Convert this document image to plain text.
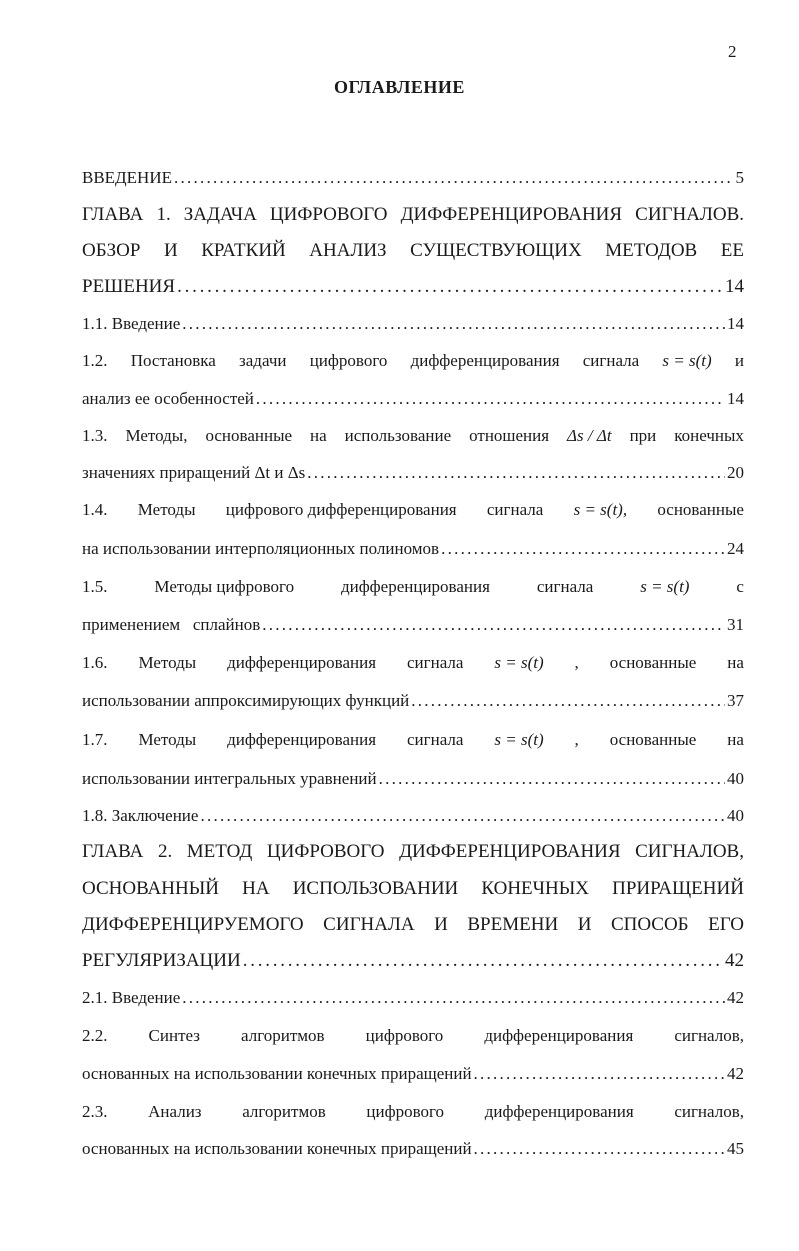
2
ОГЛАВЛЕНИЕ
ВВЕДЕНИЕ . . .	5
ГЛАВА 1. ЗАДАЧА ЦИФРОВОГО ДИФФЕРЕНЦИРОВАНИЯ СИГНАЛОВ.
ОБЗОР И КРАТКИЙ АНАЛИЗ СУЩЕСТВУЮЩИХ МЕТОДОВ ЕЕ
РЕШЕНИЯ . . .	14
1.1. Введение . . .	14
1.2. Постановка задачи цифрового дифференцирования сигнала s = s(t) и
анализ ее особенностей . . .	14
1.3. Методы, основанные на использование отношения Δs / Δt при конечных
значениях приращений Δt и Δs . . .	20
1.4. Методы цифрового дифференцирования сигнала s = s(t), основанные
на использовании интерполяционных полиномов . . .	24
1.5.	Методы цифрового	дифференцирования	сигнала	s = s(t)	с
применением   сплайнов . . .	31
1.6. Методы дифференцирования сигнала s = s(t) , основанные на
использовании аппроксимирующих функций . . .	37
1.7. Методы дифференцирования сигнала s = s(t) , основанные на
использовании интегральных уравнений . . .	40
1.8. Заключение . . .	40
ГЛАВА 2. МЕТОД ЦИФРОВОГО ДИФФЕРЕНЦИРОВАНИЯ СИГНАЛОВ,
ОСНОВАННЫЙ НА ИСПОЛЬЗОВАНИИ КОНЕЧНЫХ ПРИРАЩЕНИЙ
ДИФФЕРЕНЦИРУЕМОГО СИГНАЛА И ВРЕМЕНИ И СПОСОБ ЕГО
РЕГУЛЯРИЗАЦИИ . . .	42
2.1. Введение . . .	42
2.2. Синтез алгоритмов цифрового дифференцирования сигналов,
основанных на использовании конечных приращений . . .	42
2.3. Анализ алгоритмов цифрового дифференцирования сигналов,
основанных на использовании конечных приращений . . .	45
